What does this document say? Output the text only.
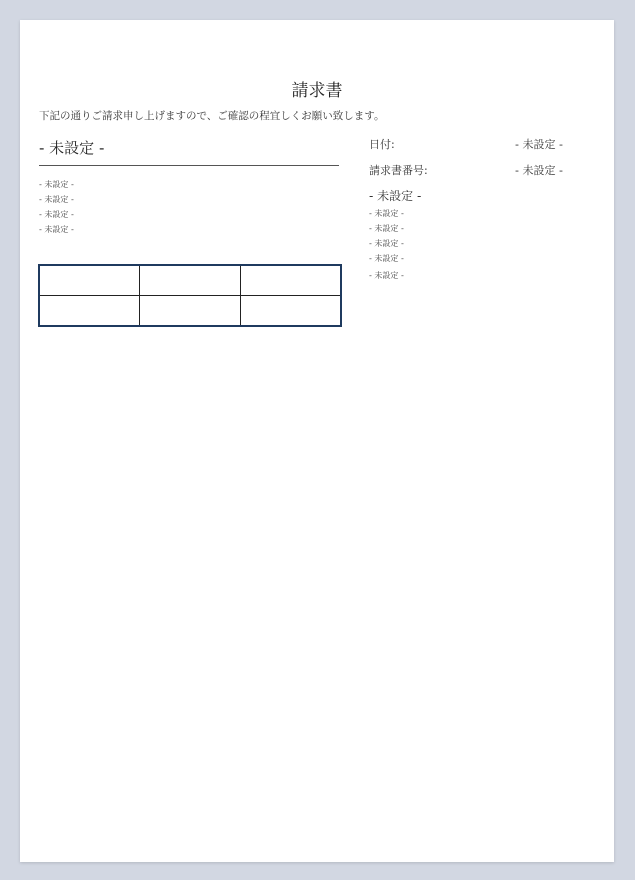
請求書
下記の通りご請求申し上げますので、ご確認の程宜しくお願い致します。
- 未設定 -
- 未設定 -
- 未設定 -
- 未設定 -
- 未設定 -

日付:	- 未設定 -
請求書番号:	- 未設定 -
- 未設定 -
- 未設定 -
- 未設定 -
- 未設定 -
- 未設定 -
- 未設定 -
